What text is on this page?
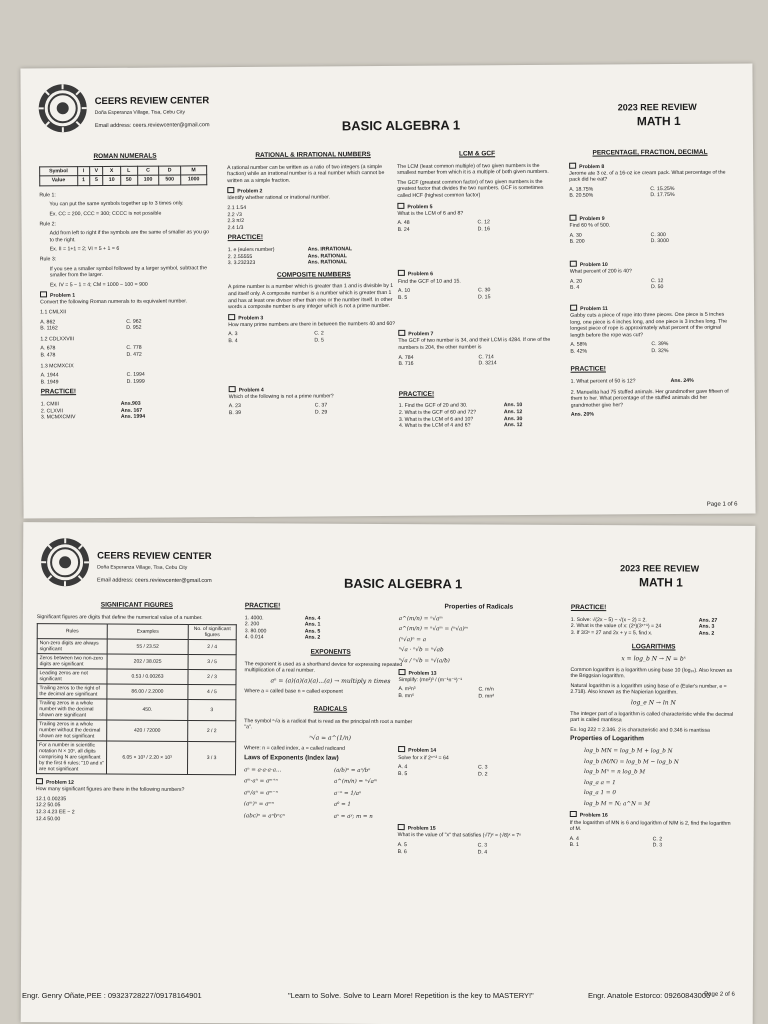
CEERS REVIEW CENTER
Doña Esperanza Village, Tisa, Cebu City
Email address: ceers.reviewcenter@gmail.com	BASIC ALGEBRA 1
2023 REE REVIEW
MATH 1
ROMAN NUMERALS
Symbol	I	V	X	L	C	D	M
Value	1	5	10	50	100	500	1000

Rule 1:

You can put the same symbols together up to 3 times only.

Ex. CC = 200, CCC = 300; CCCC is not possible

Rule 2:

Add from left to right if the symbols are the same of smaller as you go to the right.

Ex. II = 1+1 = 2; VI = 5 + 1 = 6

Rule 3:

If you see a smaller symbol followed by a larger symbol, subtract the smaller from the larger.

Ex. IV = 5 − 1 = 4; CM = 1000 − 100 = 900

Problem 1

Convert the following Roman numerals to its equivalent number.

1.1 CMLXII

A. 862	C. 962
B. 1162	D. 952

1.2 CDLXXVIII

A. 678	C. 778
B. 478	D. 472

1.3 MCMXCIX

A. 1944	C. 1994
B. 1949	D. 1999
PRACTICE!
1. CMIII	Ans.903
2. CLXVII	Ans. 167
3. MCMXCMIV	Ans. 1994
RATIONAL & IRRATIONAL NUMBERS

A rational number can be written as a ratio of two integers (a simple fraction) while an irrational number is a real number which cannot be written as a simple fraction.

Problem 2

Identify whether rational or irrational number.

2.1 1.54
2.2 √3
2.3 π/2
2.4 1/3
PRACTICE!
1. e (eulers number)	Ans. IRRATIONAL
2. 2.55555	Ans. RATIONAL
3. 3.232323	Ans. RATIONAL
COMPOSITE NUMBERS

A prime number is a number which is greater than 1 and is divisible by 1 and itself only. A composite number is a number which is greater than 1 and has at least one divisor other than one or the number itself. In other words a composite number is any integer which is not a prime number.

Problem 3

How many prime numbers are there in between the numbers 40 and 60?

A. 3	C. 2
B. 4	D. 5
Problem 4

Which of the following is not a prime number?

A. 23	C. 37
B. 39	D. 29
LCM & GCF

The LCM (least common multiple) of two given numbers is the smallest number from which it is a multiple of both given numbers.

The GCF (greatest common factor) of two given numbers is the greatest factor that divides the two numbers. GCF is sometimes called HCF (highest common factor)

Problem 5

What is the LCM of 6 and 8?

A. 48	C. 12
B. 24	D. 16
Problem 6

Find the GCF of 10 and 15.

A. 10	C. 30
B. 5	D. 15
Problem 7

The GCF of two number is 34, and their LCM is 4284. If one of the numbers is 204, the other number is

A. 784	C. 714
B. 716	D. 3214
PRACTICE!
1. Find the GCF of 20 and 30.	Ans. 10
2. What is the GCF of 60 and 72?	Ans. 12
3. What is the LCM of 6 and 10?	Ans. 30
4. What is the LCM of 4 and 6?	Ans. 12
PERCENTAGE, FRACTION, DECIMAL
Problem 8

Jerome ate 3 oz. of a 16-oz ice cream pack. What percentage of the pack did he eat?

A. 18.75%	C. 15.25%
B. 20.50%	D. 17.75%
Problem 9

Find 60 % of 500.

A. 30	C. 300
B. 200	D. 3000
Problem 10

What percent of 200 is 40?

A. 20	C. 12
B. 4	D. 50
Problem 11

Gabby cuts a piece of rope into three pieces. One piece is 5 inches long, one piece is 4 inches long, and one piece is 3 inches long. The longest piece of rope is approximately what percent of the original length before the rope was cut?

A. 58%	C. 39%
B. 42%	D. 32%
PRACTICE!
1. What percent of 50 is 12?	Ans. 24%

2. Manuelita had 75 stuffed animals. Her grandmother gave fifteen of them to her. What percentage of the stuffed animals did her grandmother give her?

Ans. 20%
Page 1 of 6
CEERS REVIEW CENTER
Doña Esperanza Village, Tisa, Cebu City
Email address: ceers.reviewcenter@gmail.com	BASIC ALGEBRA 1
2023 REE REVIEW
MATH 1
SIGNIFICANT FIGURES

Significant figures are digits that define the numerical value of a number.

Rules	Examples	No. of significant figures
Non-zero digits are always significant	55 / 23.52	2 / 4
Zeros between two non-zero digits are significant	202 / 38.025	3 / 5
Leading zeros are not significant	0.53 / 0.00263	2 / 3
Trailing zeros to the right of the decimal are significant	86.00 / 2.2000	4 / 5
Trailing zeros in a whole number with the decimal shown are significant	450.	3
Trailing zeros in a whole number without the decimal shown are not significant	420 / 72000	2 / 2
For a number in scientific notation N × 10ˣ, all digits comprising N are significant by the first 6 rules; "10 and x" are not significant	6.05 × 10³ / 2.20 × 10³	3 / 3
Problem 12

How many significant figures are there in the following numbers?

12.1 0.00235
12.2 50.05
12.3 4.23 EE − 2
12.4 50.00
PRACTICE!
1. 4000.	Ans. 4
2. 200	Ans. 1
3. 80.000	Ans. 5
4. 0.014	Ans. 2
EXPONENTS

The exponent is used as a shorthand device for expressing repeated multiplication of a real number.

aⁿ = (a)(a)(a)(a)...(a) → multiply n times

Where a = called base n = called exponent

RADICALS

The symbol ⁿ√a is a radical that is read as the principal nth root a number "a".

ⁿ√a = a^(1/n)

Where: n = called index, a = called radicand

Laws of Exponents (Index law)
aⁿ = a·a·a·a...	(a/b)ⁿ = aⁿ/bⁿ
aᵐ·aⁿ = aᵐ⁺ⁿ	a^(m/n) = ⁿ√aᵐ
aᵐ/aⁿ = aᵐ⁻ⁿ	a⁻ⁿ = 1/aⁿ
(aᵐ)ⁿ = aᵐⁿ	a⁰ = 1
(abc)ⁿ = aⁿbⁿcⁿ	aˣ = aʸ; m = n
Properties of Radicals

a^(m/n) = ⁿ√aᵐ

a^(m/n) = ⁿ√aᵐ = (ⁿ√a)ᵐ

(ⁿ√a)ⁿ = a

ⁿ√a · ⁿ√b = ⁿ√ab

ⁿ√a / ⁿ√b = ⁿ√(a/b)

Problem 13

Simplify: (mn²)³ / (m⁻¹n⁻¹)⁻¹

A. m²n³	C. m/n
B. mn⁵	D. mn²
Problem 14

Solve for x if 2ˣ⁺² = 64

A. 4	C. 3
B. 5	D. 2
Problem 15

What is the value of "x" that satisfies (√7)ˣ = (√8)ˣ = 7ˣ

A. 5	C. 3
B. 6	D. 4
PRACTICE!
1. Solve: √(2x − 5) − √(x − 2) = 2.	Ans. 27
2. What is the value of x: (2ˣ)(3ˣ⁺¹) = 24	Ans. 3
3. If 3/3ˣ = 27 and 2x + y = 5, find x.	Ans. 2
LOGARITHMS
x = log_b N → N = bˣ

Common logarithm is a logarithm using base 10 (log₁₀). Also known as the Briggsian logarithm.

Natural logarithm is a logarithm using base of e (Euler's number, e = 2.718). Also known as the Napierian logarithm.

log_e N → ln N

The integer part of a logarithm is called characteristic while the decimal part is called mantissa

Ex. log 222 = 2.346. 2 is characteristic and 0.346 is mantissa

Properties of Logarithm

log_b MN = log_b M + log_b N

log_b (M/N) = log_b M − log_b N

log_b Mⁿ = n log_b M

log_a a = 1

log_a 1 = 0

log_b M = N; a^N = M

Problem 16

If the logarithm of MN is 6 and logarithm of N/M is 2, find the logarithm of M.

A. 4	C. 2
B. 1	D. 3
Page 2 of 6
Engr. Genry Oñate,PEE : 09323728227/09178164901	"Learn to Solve. Solve to Learn More! Repetition is the key to MASTERY!"	Engr. Anatole Estorco: 09260843006
